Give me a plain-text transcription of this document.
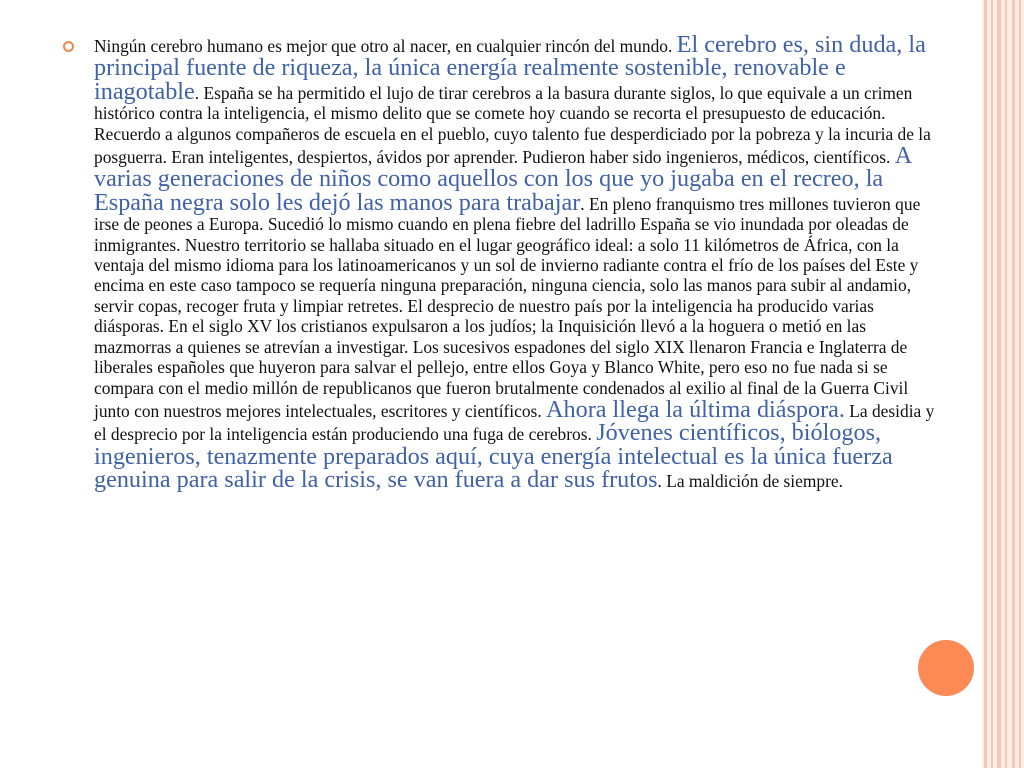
Ningún cerebro humano es mejor que otro al nacer, en cualquier rincón del mundo. El cerebro es, sin duda, la principal fuente de riqueza, la única energía realmente sostenible, renovable e inagotable. España se ha permitido el lujo de tirar cerebros a la basura durante siglos, lo que equivale a un crimen histórico contra la inteligencia, el mismo delito que se comete hoy cuando se recorta el presupuesto de educación. Recuerdo a algunos compañeros de escuela en el pueblo, cuyo talento fue desperdiciado por la pobreza y la incuria de la posguerra. Eran inteligentes, despiertos, ávidos por aprender. Pudieron haber sido ingenieros, médicos, científicos. A varias generaciones de niños como aquellos con los que yo jugaba en el recreo, la España negra solo les dejó las manos para trabajar. En pleno franquismo tres millones tuvieron que irse de peones a Europa. Sucedió lo mismo cuando en plena fiebre del ladrillo España se vio inundada por oleadas de inmigrantes. Nuestro territorio se hallaba situado en el lugar geográfico ideal: a solo 11 kilómetros de África, con la ventaja del mismo idioma para los latinoamericanos y un sol de invierno radiante contra el frío de los países del Este y encima en este caso tampoco se requería ninguna preparación, ninguna ciencia, solo las manos para subir al andamio, servir copas, recoger fruta y limpiar retretes. El desprecio de nuestro país por la inteligencia ha producido varias diásporas. En el siglo XV los cristianos expulsaron a los judíos; la Inquisición llevó a la hoguera o metió en las mazmorras a quienes se atrevían a investigar. Los sucesivos espadones del siglo XIX llenaron Francia e Inglaterra de liberales españoles que huyeron para salvar el pellejo, entre ellos Goya y Blanco White, pero eso no fue nada si se compara con el medio millón de republicanos que fueron brutalmente condenados al exilio al final de la Guerra Civil junto con nuestros mejores intelectuales, escritores y científicos. Ahora llega la última diáspora. La desidia y el desprecio por la inteligencia están produciendo una fuga de cerebros. Jóvenes científicos, biólogos, ingenieros, tenazmente preparados aquí, cuya energía intelectual es la única fuerza genuina para salir de la crisis, se van fuera a dar sus frutos. La maldición de siempre.
